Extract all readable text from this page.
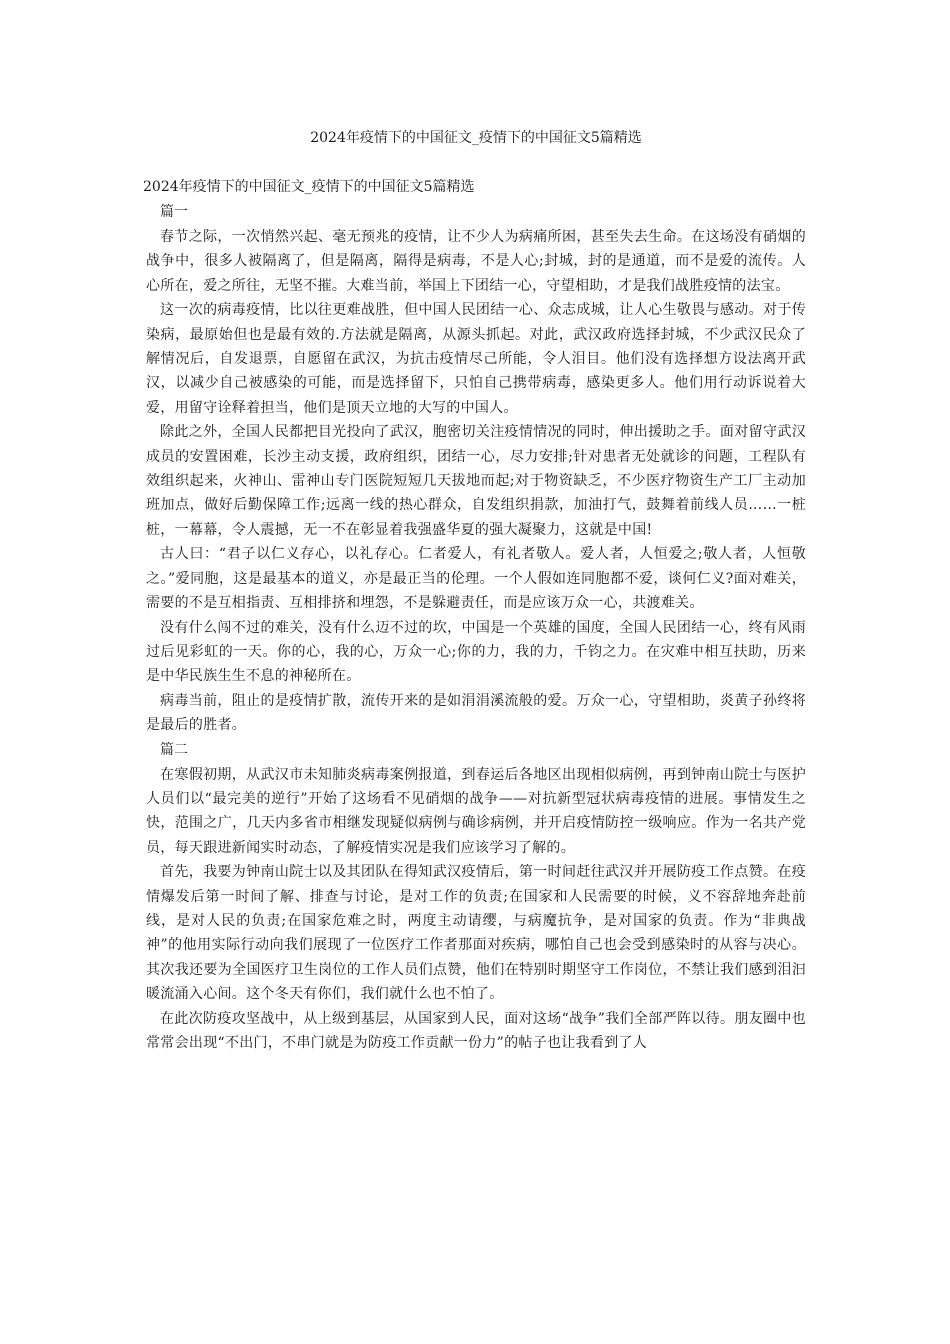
2024年疫情下的中国征文_疫情下的中国征文5篇精选
2024年疫情下的中国征文_疫情下的中国征文5篇精选

篇一

春节之际，一次悄然兴起、毫无预兆的疫情，让不少人为病痛所困，甚至失去生命。在这场没有硝烟的战争中，很多人被隔离了，但是隔离，隔得是病毒，不是人心;封城，封的是通道，而不是爱的流传。人心所在，爱之所往，无坚不摧。大难当前，举国上下团结一心，守望相助，才是我们战胜疫情的法宝。

这一次的病毒疫情，比以往更难战胜，但中国人民团结一心、众志成城，让人心生敬畏与感动。对于传染病，最原始但也是最有效的.方法就是隔离，从源头抓起。对此，武汉政府选择封城，不少武汉民众了解情况后，自发退票，自愿留在武汉，为抗击疫情尽己所能，令人泪目。他们没有选择想方设法离开武汉，以减少自己被感染的可能，而是选择留下，只怕自己携带病毒，感染更多人。他们用行动诉说着大爱，用留守诠释着担当，他们是顶天立地的大写的中国人。

除此之外，全国人民都把目光投向了武汉，胞密切关注疫情情况的同时，伸出援助之手。面对留守武汉成员的安置困难，长沙主动支援，政府组织，团结一心，尽力安排;针对患者无处就诊的问题，工程队有效组织起来，火神山、雷神山专门医院短短几天拔地而起;对于物资缺乏，不少医疗物资生产工厂主动加班加点，做好后勤保障工作;远离一线的热心群众，自发组织捐款，加油打气，鼓舞着前线人员……一桩桩，一幕幕，令人震撼，无一不在彰显着我强盛华夏的强大凝聚力，这就是中国!

古人曰：“君子以仁义存心，以礼存心。仁者爱人，有礼者敬人。爱人者，人恒爱之;敬人者，人恒敬之。”爱同胞，这是最基本的道义，亦是最正当的伦理。一个人假如连同胞都不爱，谈何仁义?面对难关，需要的不是互相指责、互相排挤和埋怨，不是躲避责任，而是应该万众一心，共渡难关。

没有什么闯不过的难关，没有什么迈不过的坎，中国是一个英雄的国度，全国人民团结一心，终有风雨过后见彩虹的一天。你的心，我的心，万众一心;你的力，我的力，千钧之力。在灾难中相互扶助，历来是中华民族生生不息的神秘所在。

病毒当前，阻止的是疫情扩散，流传开来的是如涓涓溪流般的爱。万众一心，守望相助，炎黄子孙终将是最后的胜者。

篇二

在寒假初期，从武汉市未知肺炎病毒案例报道，到春运后各地区出现相似病例，再到钟南山院士与医护人员们以“最完美的逆行”开始了这场看不见硝烟的战争——对抗新型冠状病毒疫情的进展。事情发生之快，范围之广，几天内多省市相继发现疑似病例与确诊病例，并开启疫情防控一级响应。作为一名共产党员，每天跟进新闻实时动态，了解疫情实况是我们应该学习了解的。

首先，我要为钟南山院士以及其团队在得知武汉疫情后，第一时间赶往武汉并开展防疫工作点赞。在疫情爆发后第一时间了解、排查与讨论，是对工作的负责;在国家和人民需要的时候，义不容辞地奔赴前线，是对人民的负责;在国家危难之时，两度主动请缨，与病魔抗争，是对国家的负责。作为“非典战神”的他用实际行动向我们展现了一位医疗工作者那面对疾病，哪怕自己也会受到感染时的从容与决心。其次我还要为全国医疗卫生岗位的工作人员们点赞，他们在特别时期坚守工作岗位，不禁让我们感到泪汩暖流涌入心间。这个冬天有你们，我们就什么也不怕了。

在此次防疫攻坚战中，从上级到基层，从国家到人民，面对这场“战争”我们全部严阵以待。朋友圈中也常常会出现“不出门，不串门就是为防疫工作贡献一份力”的帖子也让我看到了人
